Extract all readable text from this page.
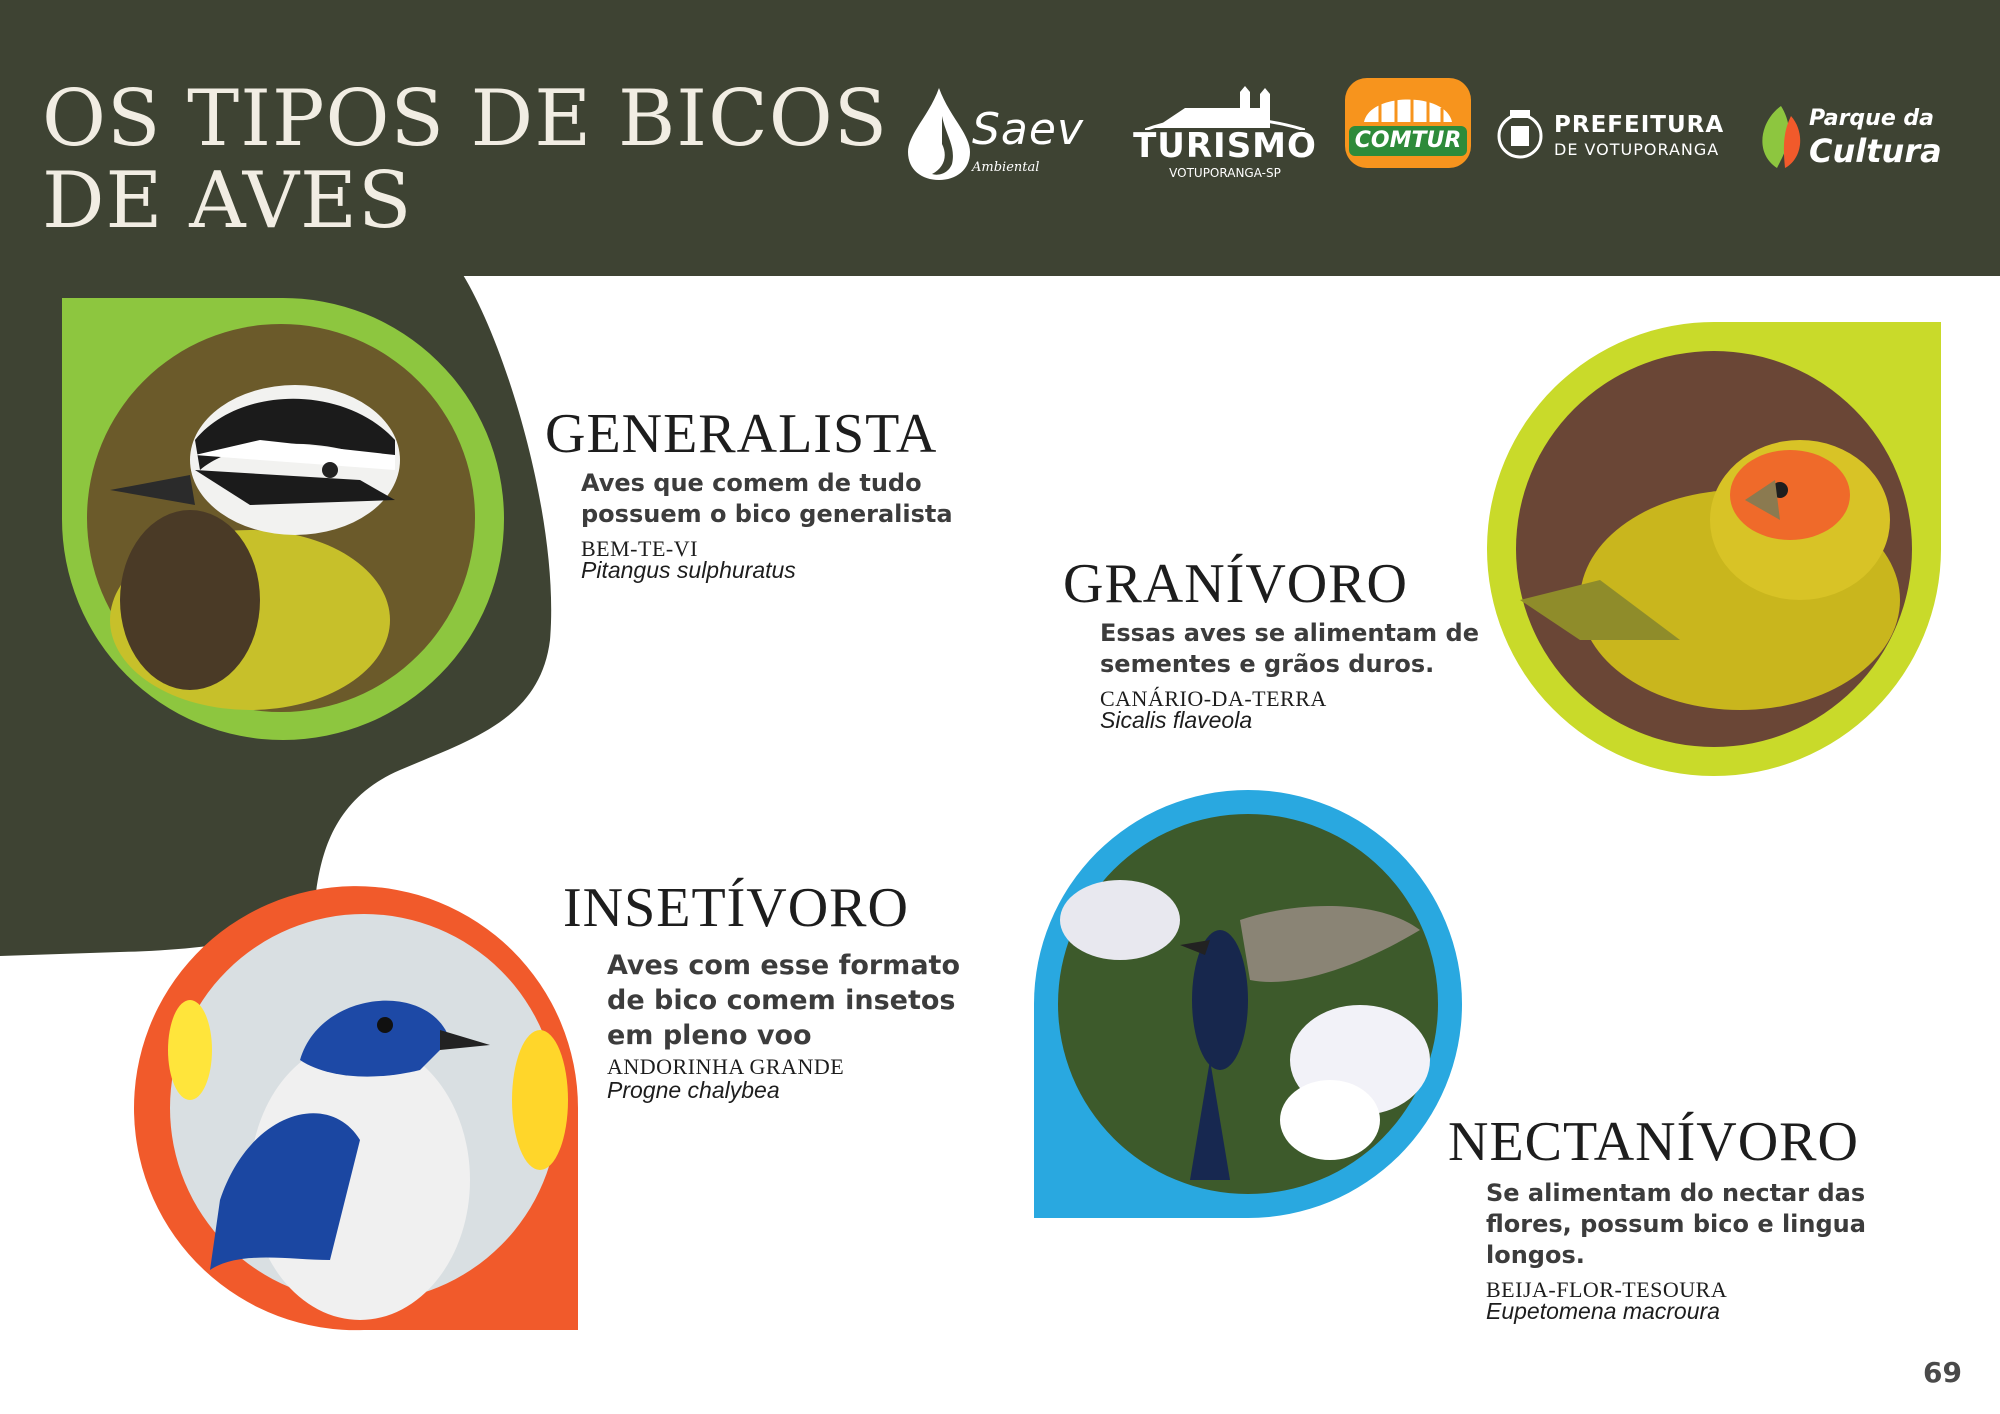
OS TIPOS DE BICOS
DE AVES
Saev
Ambiental
TURISMO
VOTUPORANGA-SP
COMTUR
PREFEITURA
DE VOTUPORANGA
Parque da
Cultura
GENERALISTA
Aves que comem de tudo possuem o bico generalista
BEM-TE-VI
Pitangus sulphuratus	GRANÍVORO
Essas aves se alimentam de sementes e grãos duros.
CANÁRIO-DA-TERRA
Sicalis flaveola
INSETÍVORO
Aves com esse formato de bico comem insetos em pleno voo
ANDORINHA GRANDE
Progne chalybea
NECTANÍVORO
Se alimentam do nectar das flores, possum bico e lingua longos.
BEIJA-FLOR-TESOURA
Eupetomena macroura
69
